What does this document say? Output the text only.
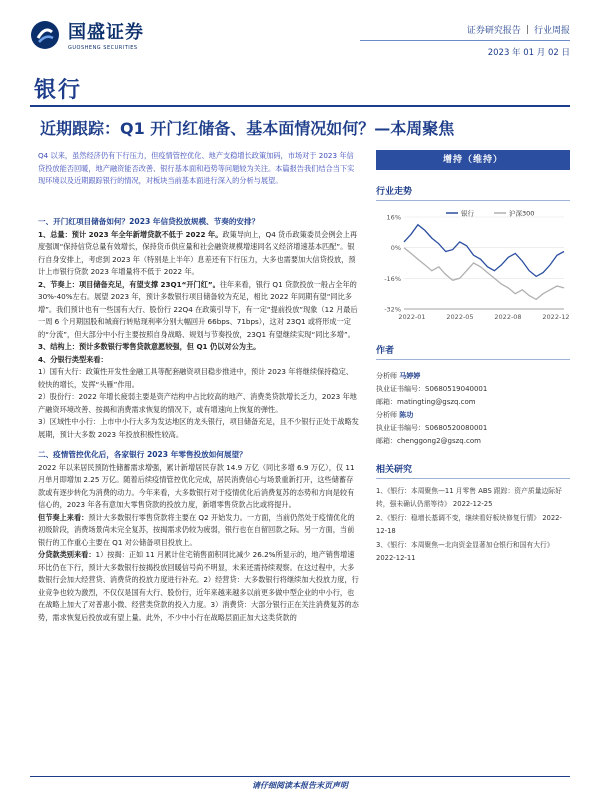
国盛证券
GUOSHENG SECURITIES
证券研究报告 | 行业周报
2023 年 01 月 02 日
银行
近期跟踪：Q1 开门红储备、基本面情况如何？—本周聚焦
Q4 以来，虽然经济仍有下行压力，但疫情管控优化、地产支稳增长政策加码，市场对于 2023 年信贷投放能否回暖，地产融资能否改善、银行基本面和趋势等问题较为关注。本篇报告我们结合当下实现环境以及近期跟踪银行的情况，对板块当前基本面进行深入的分析与展望。

一、开门红项目储备如何？2023 年信贷投放规模、节奏的安排？

1、总量：预计 2023 年全年新增贷款不低于 2022 年。政策导向上，Q4 货币政策委员会例会上再度强调“保持信贷总量有效增长，保持货币供应量和社会融资规模增速同名义经济增速基本匹配”。银行自身安排上，考虑到 2023 年（特别是上半年）息差还有下行压力，大多也需要加大信贷投放，预计上市银行贷款 2023 年增量将不低于 2022 年。

2、节奏上：项目储备充足，有望支撑 23Q1“开门红”。往年来看，银行 Q1 贷款投放一般占全年的 30%-40%左右。展望 2023 年，预计多数银行项目储备较为充足，相比 2022 年同期有望“同比多增”。我们预计也有一些国有大行、股份行 22Q4 在政策引导下，有一定“提前投放”现象（12 月最后一周 6 个月期国股和城商行转贴现利率分别大幅回升 66bps、71bps），这对 23Q1 或将形成一定的“分流”，但大部分中小行主要按照自身战略、规划与节奏投放，23Q1 有望继续实现“同比多增”。

3、结构上：预计多数银行零售贷款意愿较强，但 Q1 仍以对公为主。

4、分银行类型来看：

1）国有大行：政策性开发性金融工具等配套融资项目稳步推进中，预计 2023 年将继续保持稳定、较快的增长，发挥“头雁”作用。

2）股份行：2022 年增长疲弱主要是资产结构中占比较高的地产、消费类贷款增长乏力，2023 年地产融资环境改善、按揭和消费需求恢复的情况下，或有增速向上恢复的弹性。

3）区域性中小行：上市中小行大多为发达地区的龙头银行，项目储备充足，且不少银行正处于战略发展期，预计大多数 2023 年投放积极性较高。

二、疫情管控优化后，各家银行 2023 年零售投放如何展望？

2022 年以来居民预防性储蓄需求增强，累计新增居民存款 14.9 万亿（同比多增 6.9 万亿），仅 11 月单月即增加 2.25 万亿。随着后续疫情管控优化完成，居民消费信心与场景重新打开，这些储蓄存款或有逐步转化为消费的动力。今年来看，大多数银行对于疫情优化后消费复苏的态势和方向是较有信心的，2023 年各有意加大零售贷款的投放力度，新增零售贷款占比或将提升。

但节奏上来看：预计大多数银行零售贷款将主要在 Q2 开始发力。一方面，当前仍然处于疫情优化的初级阶段，消费场景尚未完全复苏，按揭需求仍较为疲弱，银行也在自留回款之际。另一方面，当前银行的工作重心主要在 Q1 对公储备项目投放上。

分贷款类别来看：1）按揭：正如 11 月累计住宅销售面积同比减少 26.2%所显示的，地产销售增速环比仍在下行，预计大多数银行按揭投放回暖信号尚不明显，未来还需持续观察。在这过程中，大多数银行会加大经营贷、消费贷的投放力度进行补充。2）经营贷：大多数银行将继续加大投放力度，行业竞争也较为激烈，不仅仅是国有大行、股份行，近年来越来越多以前更多做中型企业的中小行，也在战略上加大了对普惠小微、经营类贷款的投入力度。3）消费贷：大部分银行正在关注消费复苏的态势，需求恢复后投放或有望上量。此外，不少中小行在战略层面正加大这类贷款的

增持（维持）
行业走势
16%
0%
-16%
-32%
2022-01	2022-05	2022-08	2022-12
银行	沪深300
作者
分析师 马婷婷
执业证书编号：S0680519040001
邮箱：matingting@gszq.com
分析师 陈功
执业证书编号：S0680520080001
邮箱：chenggong2@gszq.com
相关研究
1、《银行：本周聚焦—11 月零售 ABS 跟踪：资产质量边际好转，强未确认仍需等待》 2022-12-25
2、《银行：稳增长基调不变，继续看好板块修复行情》 2022-12-18
3、《银行：本周聚焦—北向资金显著加仓银行和国有大行》 2022-12-11
请仔细阅读本报告末页声明
